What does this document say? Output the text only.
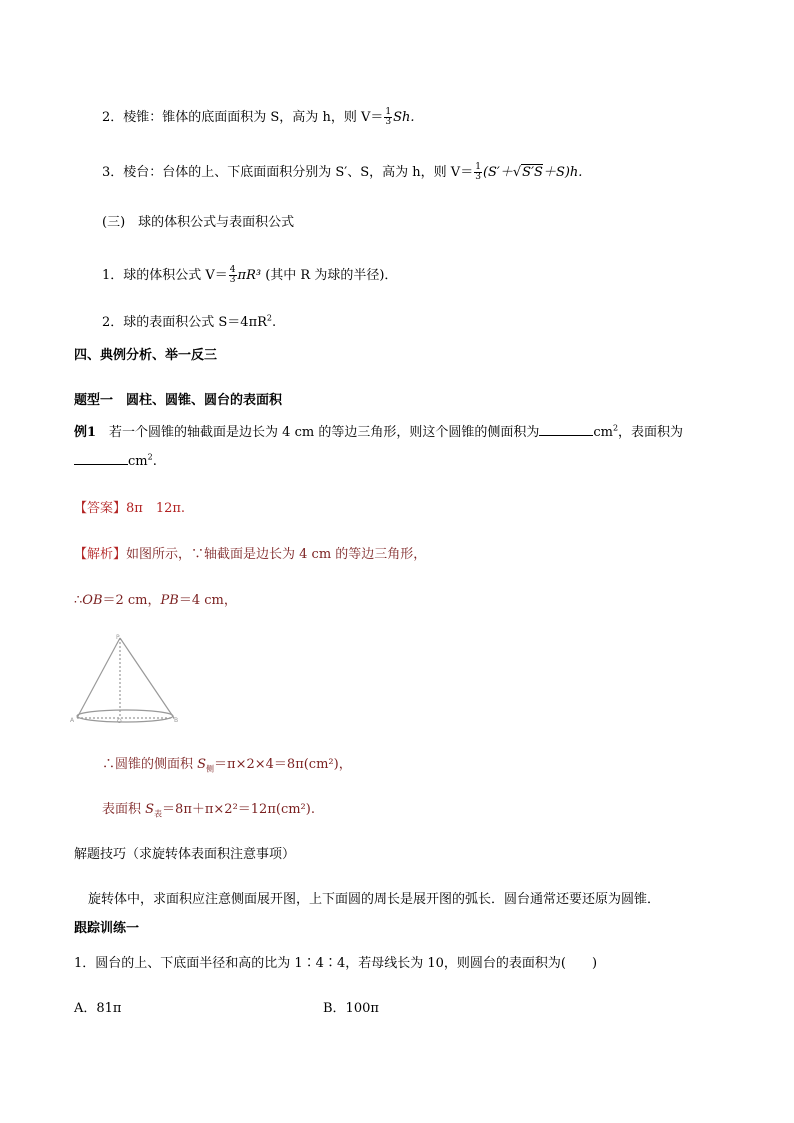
2．棱锥：锥体的底面面积为 S，高为 h，则 $V= \frac{1}{3} Sh$.
3．棱台：台体的上、下底面面积分别为 S′、S，高为 h，则 $V= \frac{1}{3} (S'+√S'S+S)h$.
(三)　球的体积公式与表面积公式
1．球的体积公式 $V= \frac{4}{3} \pi R^3$ (其中 R 为球的半径)．
2．球的表面积公式 $S=4\pi R^2$.
四、典例分析、举一反三
题型一　圆柱、圆锥、圆台的表面积
例1　若一个圆锥的轴截面是边长为 4 cm 的等边三角形，则这个圆锥的侧面积为	$cm^2$，表面积为
$cm^2$.
【答案】8π　12π.
【解析】如图所示，∵轴截面是边长为 4 cm 的等边三角形，
∴OB＝2 cm，PB＝4 cm，
P
A	O	B
∴圆锥的侧面积 $S_侧=\pi\times 2\times 4=8\pi(cm^2)$，
表面积 $S_表=8\pi+\pi\times 2^2=12\pi(cm^2)$.
解题技巧（求旋转体表面积注意事项）
旋转体中，求面积应注意侧面展开图，上下面圆的周长是展开图的弧长．圆台通常还要还原为圆锥．
跟踪训练一
1．圆台的上、下底面半径和高的比为 1∶4∶4，若母线长为 10，则圆台的表面积为(　　)
A．81π	B．100π
